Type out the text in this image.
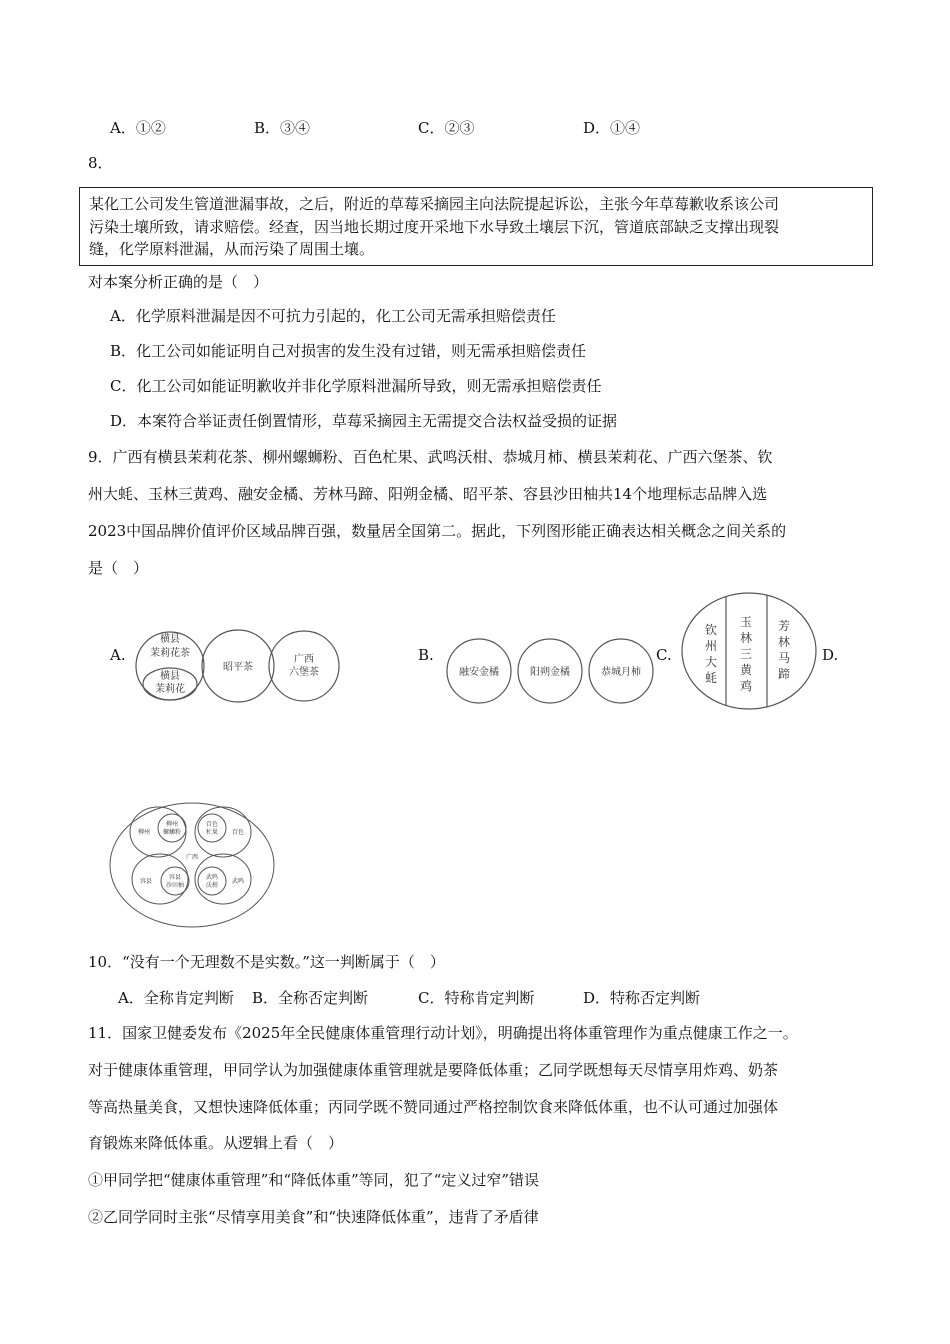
A．①②	B．③④	C．②③	D．①④
8．
某化工公司发生管道泄漏事故，之后，附近的草莓采摘园主向法院提起诉讼，主张今年草莓歉收系该公司
污染土壤所致，请求赔偿。经查，因当地长期过度开采地下水导致土壤层下沉，管道底部缺乏支撑出现裂
缝，化学原料泄漏，从而污染了周围土壤。
对本案分析正确的是（　）
A．化学原料泄漏是因不可抗力引起的，化工公司无需承担赔偿责任
B．化工公司如能证明自己对损害的发生没有过错，则无需承担赔偿责任
C．化工公司如能证明歉收并非化学原料泄漏所导致，则无需承担赔偿责任
D．本案符合举证责任倒置情形，草莓采摘园主无需提交合法权益受损的证据
9．广西有横县茉莉花茶、柳州螺蛳粉、百色杧果、武鸣沃柑、恭城月柿、横县茉莉花、广西六堡茶、钦
州大蚝、玉林三黄鸡、融安金橘、芳林马蹄、阳朔金橘、昭平茶、容县沙田柚共14个地理标志品牌入选
2023中国品牌价值评价区域品牌百强，数量居全国第二。据此，下列图形能正确表达相关概念之间关系的
是（　）
A.	B.	C.	D.
横县
茉莉花茶
横县
茉莉花
昭平茶
广西
六堡茶	融安金橘	阳朔金橘	恭城月柿
钦
州
大
蚝
玉
林
三
黄
鸡
芳
林
马
蹄
广西
柳州
柳州
螺蛳粉
百色
杧果 百色
容县
容县
沙田柚
武鸣
沃柑
武鸣
10．“没有一个无理数不是实数。”这一判断属于（　）
A．全称肯定判断 B．全称否定判断	C．特称肯定判断	D．特称否定判断
11．国家卫健委发布《2025年全民健康体重管理行动计划》，明确提出将体重管理作为重点健康工作之一。
对于健康体重管理，甲同学认为加强健康体重管理就是要降低体重；乙同学既想每天尽情享用炸鸡、奶茶
等高热量美食，又想快速降低体重；丙同学既不赞同通过严格控制饮食来降低体重，也不认可通过加强体
育锻炼来降低体重。从逻辑上看（　）
①甲同学把“健康体重管理”和“降低体重”等同，犯了“定义过窄”错误
②乙同学同时主张“尽情享用美食”和“快速降低体重”，违背了矛盾律
